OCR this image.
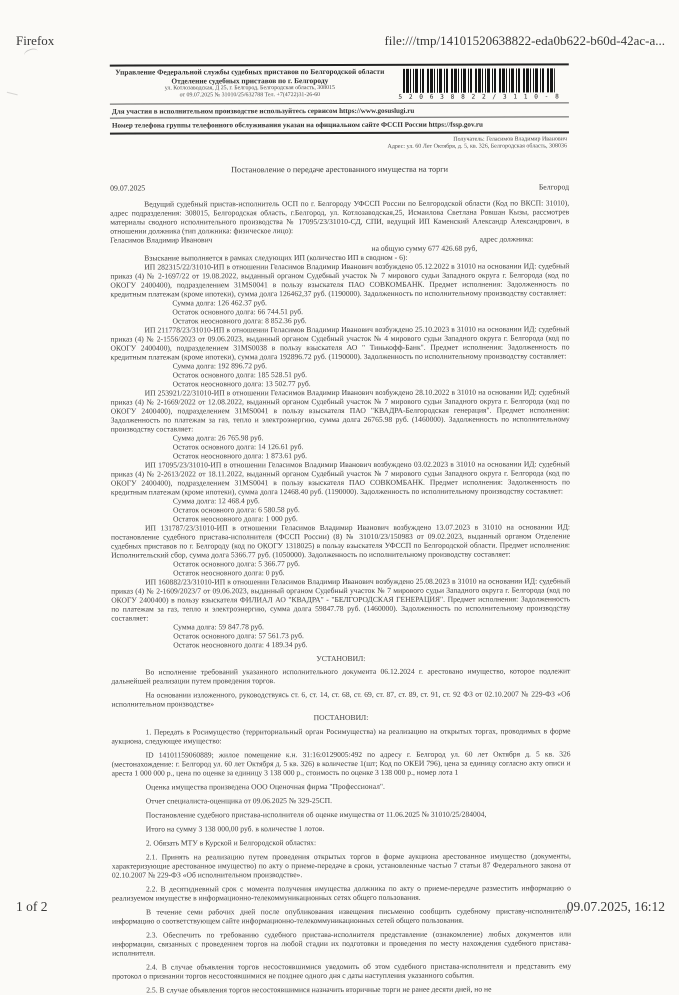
Firefox	file:///tmp/14101520638822-eda0b622-b60d-42ac-a...
Управление Федеральной службы судебных приставов по Белгородской области
Отделение судебных приставов по г. Белгороду
ул. Котлозаводская, Д 25, г. Белгород, Белгородская область, 308015
от 09.07.2025 № 31010/25/632788 Тел. +7(4722)31-26-60	5 2 0 6 3 8 8 2 2 / 3 1 1 0 - 8
Для участия в исполнительном производстве используйтесь сервисом https://www.gosuslugi.ru
Номер телефона группы телефонного обслуживания указан на официальном сайте ФССП России https://fssp.gov.ru
Получатель: Геласимов Владимир Иванович
Адрес: ул. 60 Лет Октября, д. 5, кв. 326, Белгородская область, 308036
Постановление о передаче арестованного имущества на торги
09.07.2025	Белгород
Ведущий судебный пристав-исполнитель ОСП по г. Белгороду УФССП России по Белгородской области (Код по ВКСП: 31010), адрес подразделения: 308015, Белгородская область, г.Белгород, ул. Котлозаводская,25, Исмаилова Светлана Ровшан Кызы, рассмотрев материалы сводного исполнительного производства № 17095/23/31010-СД, СПИ, ведущий ИП Каменский Александр Александрович, в отношении должника (тип должника: физическое лицо):
Геласимов Владимир Иванович	адрес должника:
на общую сумму 677 426.68 руб,
Взыскание выполняется в рамках следующих ИП (количество ИП в сводном - 6):
ИП 282315/22/31010-ИП в отношении Геласимов Владимир Иванович возбуждено 05.12.2022 в 31010 на основании ИД: судебный приказ (4) № 2-1697/22 от 19.08.2022, выданный органом Судебный участок № 7 мирового судьи Западного округа г. Белгорода (код по ОКОГУ 2400400), подразделением 31MS0041 в пользу взыскателя ПАО СОВКОМБАНК. Предмет исполнения: Задолженность по кредитным платежам (кроме ипотеки), сумма долга 126462,37 руб. (1190000). Задолженность по исполнительному производству составляет:
Сумма долга: 126 462.37 руб.
Остаток основного долга: 66 744.51 руб.
Остаток неосновного долга: 8 852.36 руб.
ИП 211778/23/31010-ИП в отношении Геласимов Владимир Иванович возбуждено 25.10.2023 в 31010 на основании ИД: судебный приказ (4) № 2-1556/2023 от 09.06.2023, выданный органом Судебный участок № 4 мирового судьи Западного округа г. Белгорода (код по ОКОГУ 2400400), подразделением 31MS0038 в пользу взыскателя АО " Тинькофф-Банк". Предмет исполнения: Задолженность по кредитным платежам (кроме ипотеки), сумма долга 192896.72 руб. (1190000). Задолженность по исполнительному производству составляет:
Сумма долга: 192 896.72 руб.
Остаток основного долга: 185 528.51 руб.
Остаток неосновного долга: 13 502.77 руб.
ИП 253921/22/31010-ИП в отношении Геласимов Владимир Иванович возбуждено 28.10.2022 в 31010 на основании ИД: судебный приказ (4) № 2-1669/2022 от 12.08.2022, выданный органом Судебный участок № 7 мирового судьи Западного округа г. Белгорода (код по ОКОГУ 2400400), подразделением 31MS0041 в пользу взыскателя ПАО "КВАДРА-Белгородская генерация". Предмет исполнения: Задолженность по платежам за газ, тепло и электроэнергию, сумма долга 26765.98 руб. (1460000). Задолженность по исполнительному производству составляет:
Сумма долга: 26 765.98 руб.
Остаток основного долга: 14 126.61 руб.
Остаток неосновного долга: 1 873.61 руб.
ИП 17095/23/31010-ИП в отношении Геласимов Владимир Иванович возбуждено 03.02.2023 в 31010 на основании ИД: судебный приказ (4) № 2-2613/2022 от 18.11.2022, выданный органом Судебный участок № 7 мирового судьи Западного округа г. Белгорода (код по ОКОГУ 2400400), подразделением 31MS0041 в пользу взыскателя ПАО СОВКОМБАНК. Предмет исполнения: Задолженность по кредитным платежам (кроме ипотеки), сумма долга 12468.40 руб. (1190000). Задолженность по исполнительному производству составляет:
Сумма долга: 12 468.4 руб.
Остаток основного долга: 6 580.58 руб.
Остаток неосновного долга: 1 000 руб.
ИП 131787/23/31010-ИП в отношении Геласимов Владимир Иванович возбуждено 13.07.2023 в 31010 на основании ИД: постановление судебного пристава-исполнителя (ФССП России) (8) № 31010/23/150983 от 09.02.2023, выданный органом Отделение судебных приставов по г. Белгороду (код по ОКОГУ 1318025) в пользу взыскателя УФССП по Белгородской области. Предмет исполнения: Исполнительский сбор, сумма долга 5366.77 руб. (1050000). Задолженность по исполнительному производству составляет:
Остаток основного долга: 5 366.77 руб.
Остаток неосновного долга: 0 руб.
ИП 160882/23/31010-ИП в отношении Геласимов Владимир Иванович возбуждено 25.08.2023 в 31010 на основании ИД: судебный приказ (4) № 2-1609/2023/7 от 09.06.2023, выданный органом Судебный участок № 7 мирового судьи Западного округа г. Белгорода (код по ОКОГУ 2400400) в пользу взыскателя ФИЛИАЛ АО "КВАДРА" - "БЕЛГОРОДСКАЯ ГЕНЕРАЦИЯ". Предмет исполнения: Задолженность по платежам за газ, тепло и электроэнергию, сумма долга 59847.78 руб. (1460000). Задолженность по исполнительному производству составляет:
Сумма долга: 59 847.78 руб.
Остаток основного долга: 57 561.73 руб.
Остаток неосновного долга: 4 189.34 руб.
УСТАНОВИЛ:
Во исполнение требований указанного исполнительного документа 06.12.2024 г. арестовано имущество, которое подлежит дальнейшей реализации путем проведения торгов.
На основании изложенного, руководствуясь ст. 6, ст. 14, ст. 68, ст. 69, ст. 87, ст. 89, ст. 91, ст. 92 ФЗ от 02.10.2007 № 229-ФЗ «Об исполнительном производстве»
ПОСТАНОВИЛ:
1. Передать в Росимущество (территориальный орган Росимущества) на реализацию на открытых торгах, проводимых в форме аукциона, следующее имущество:
ID 14101159060889; жилое помещение к.н. 31:16:0129005:492 по адресу г. Белгород ул. 60 лет Октября д. 5 кв. 326 (местонахождение: г. Белгород ул. 60 лет Октября д. 5 кв. 326) в количестве 1(шт; Код по ОКЕИ 796), цена за единицу согласно акту описи и ареста 1 000 000 р., цена по оценке за единицу 3 138 000 р., стоимость по оценке 3 138 000 р., номер лота 1
Оценка имущества произведена ООО Оценочная фирма "Профессионал".
Отчет специалиста-оценщика от 09.06.2025 № 329-25СП.
Постановление судебного пристава-исполнителя об оценке имущества от 11.06.2025 № 31010/25/284004,
Итого на сумму 3 138 000,00 руб. в количестве 1 лотов.
2. Обязать МТУ в Курской и Белгородской областях:
2.1. Принять на реализацию путем проведения открытых торгов в форме аукциона арестованное имущество (документы, характеризующие арестованное имущество) по акту о приеме-передаче в сроки, установленные частью 7 статьи 87 Федерального закона от 02.10.2007 № 229-ФЗ «Об исполнительном производстве».
2.2. В десятидневный срок с момента получения имущества должника по акту о приеме-передаче разместить информацию о реализуемом имуществе в информационно-телекоммуникационных сетях общего пользования.
В течение семи рабочих дней после опубликования извещения письменно сообщить судебному приставу-исполнителю информацию о соответствующем сайте информационно-телекоммуникационных сетей общего пользования.
2.3. Обеспечить по требованию судебного пристава-исполнителя представление (ознакомление) любых документов или информации, связанных с проведением торгов на любой стадии их подготовки и проведения по месту нахождения судебного пристава-исполнителя.
2.4. В случае объявления торгов несостоявшимися уведомить об этом судебного пристава-исполнителя и представить ему протокол о признании торгов несостоявшимися не позднее одного дня с даты наступления указанного события.
2.5. В случае объявления торгов несостоявшимися назначить вторичные торги не ранее десяти дней, но не
1 of 2	09.07.2025, 16:12
